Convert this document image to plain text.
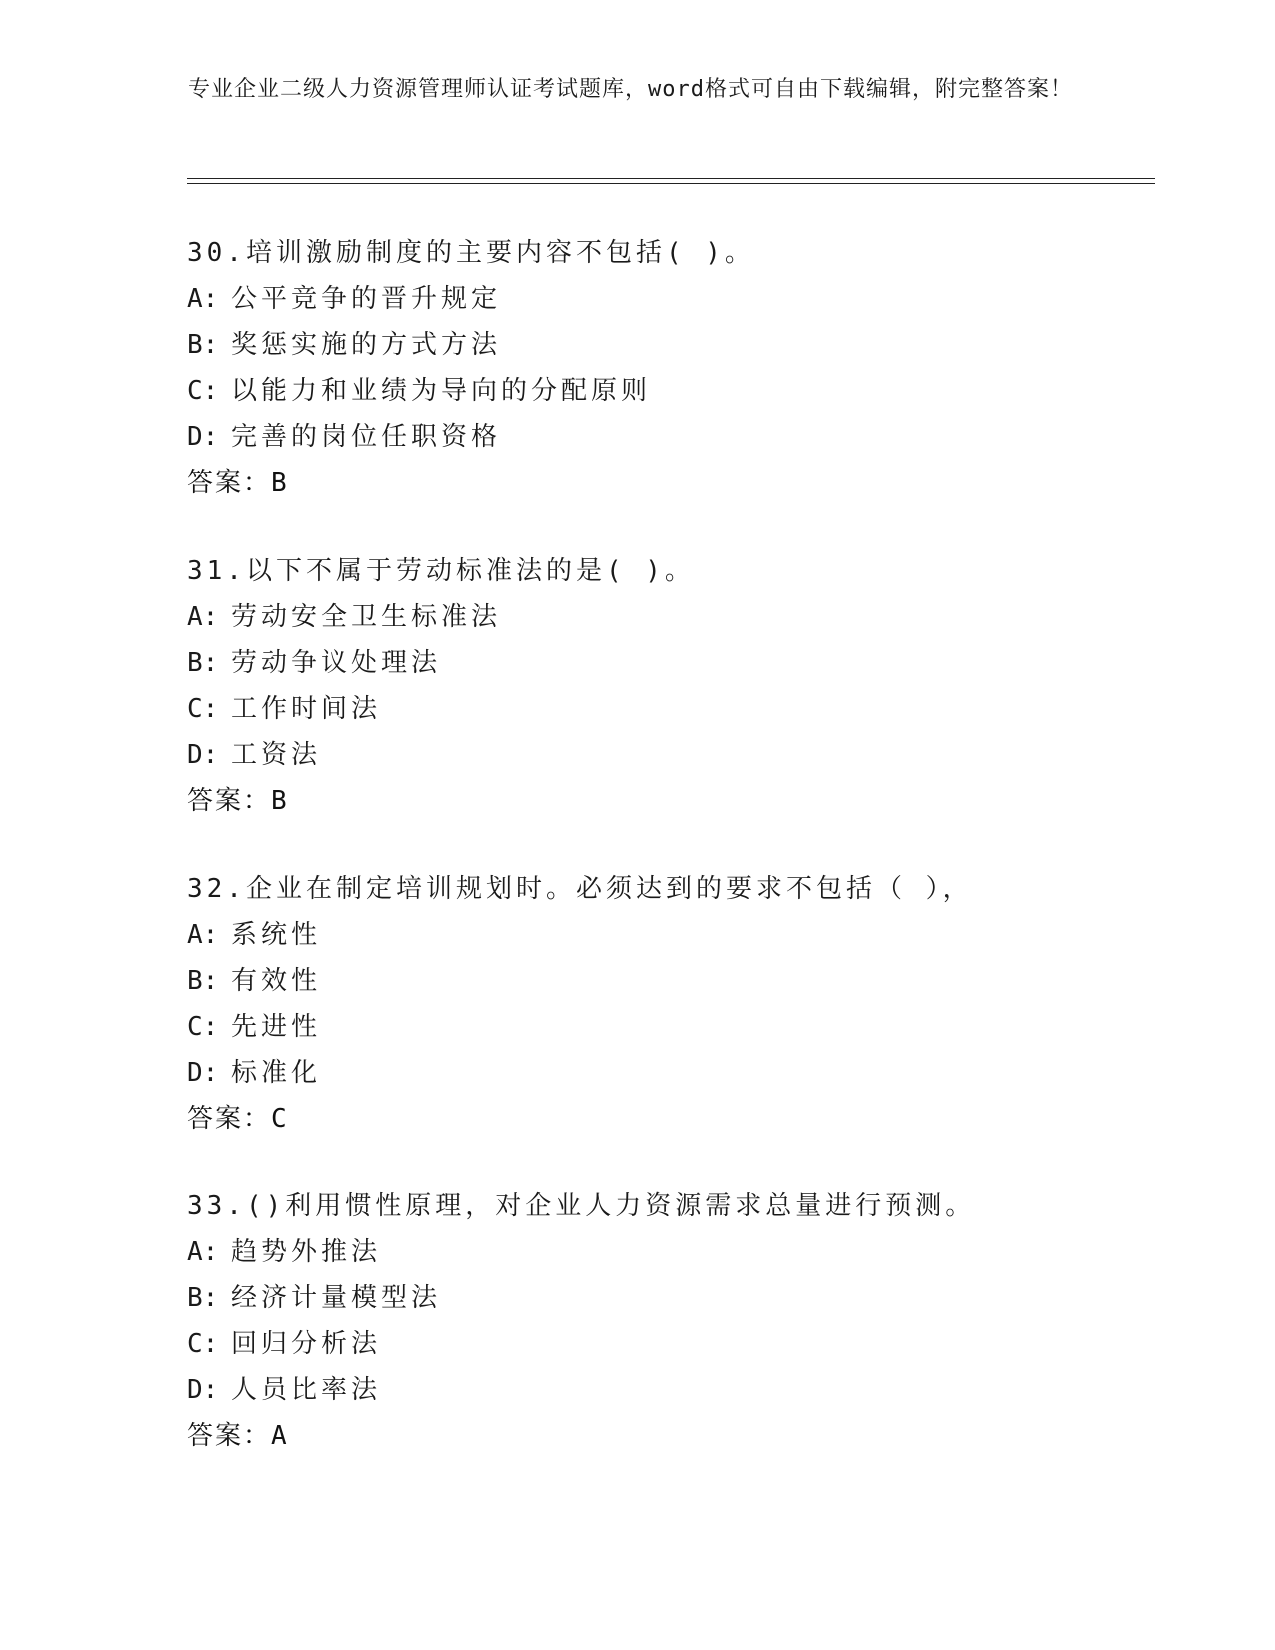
专业企业二级人力资源管理师认证考试题库，word格式可自由下载编辑，附完整答案！
30.培训激励制度的主要内容不包括( )。
A: 公平竞争的晋升规定
B: 奖惩实施的方式方法
C: 以能力和业绩为导向的分配原则
D: 完善的岗位任职资格
答案：B
31.以下不属于劳动标准法的是( )。
A: 劳动安全卫生标准法
B: 劳动争议处理法
C: 工作时间法
D: 工资法
答案：B
32.企业在制定培训规划时。必须达到的要求不包括（ ），
A: 系统性
B: 有效性
C: 先进性
D: 标准化
答案：C
33.()利用惯性原理，对企业人力资源需求总量进行预测。
A: 趋势外推法
B: 经济计量模型法
C: 回归分析法
D: 人员比率法
答案：A
